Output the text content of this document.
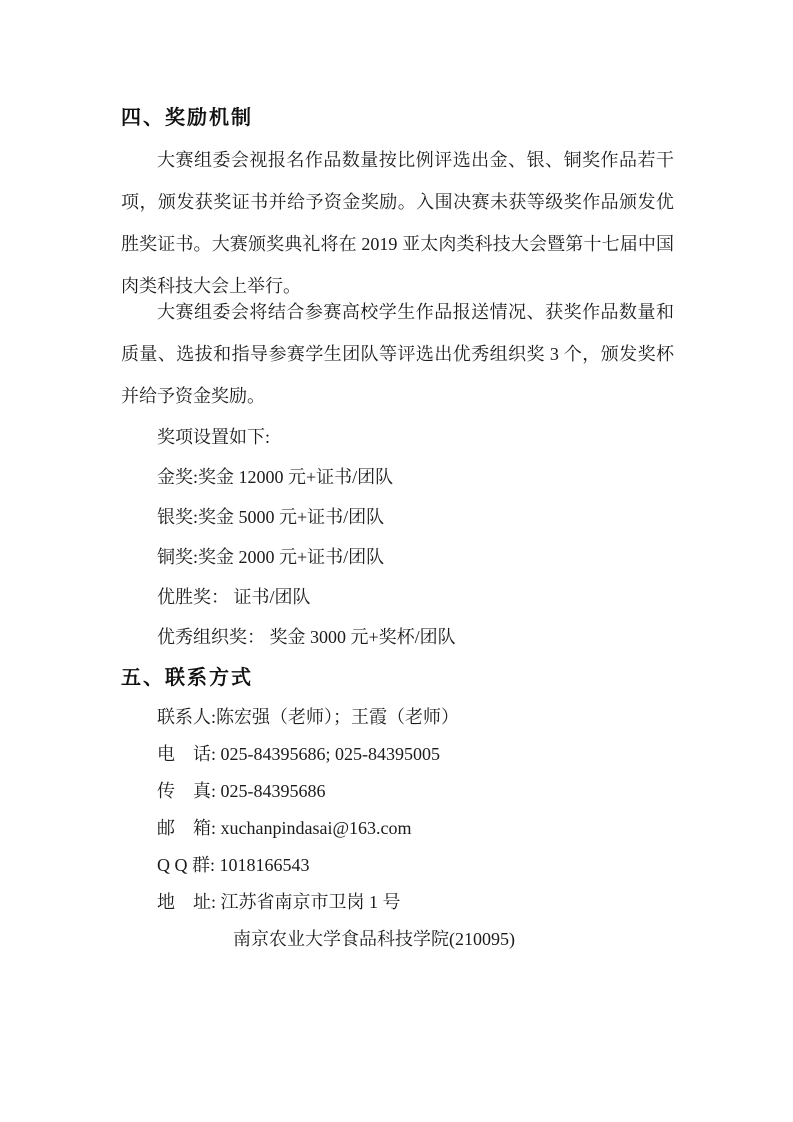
四、奖励机制

大赛组委会视报名作品数量按比例评选出金、银、铜奖作品若干项，颁发获奖证书并给予资金奖励。入围决赛未获等级奖作品颁发优胜奖证书。大赛颁奖典礼将在 2019 亚太肉类科技大会暨第十七届中国肉类科技大会上举行。

大赛组委会将结合参赛高校学生作品报送情况、获奖作品数量和质量、选拔和指导参赛学生团队等评选出优秀组织奖 3 个，颁发奖杯并给予资金奖励。

奖项设置如下:

金奖:奖金 12000 元+证书/团队

银奖:奖金 5000 元+证书/团队

铜奖:奖金 2000 元+证书/团队

优胜奖： 证书/团队

优秀组织奖： 奖金 3000 元+奖杯/团队

五、联系方式

联系人:陈宏强（老师）；王霞（老师）

电　话: 025-84395686; 025-84395005

传　真: 025-84395686

邮　箱: xuchanpindasai@163.com

Q Q 群: 1018166543

地　址: 江苏省南京市卫岗 1 号

南京农业大学食品科技学院(210095)
